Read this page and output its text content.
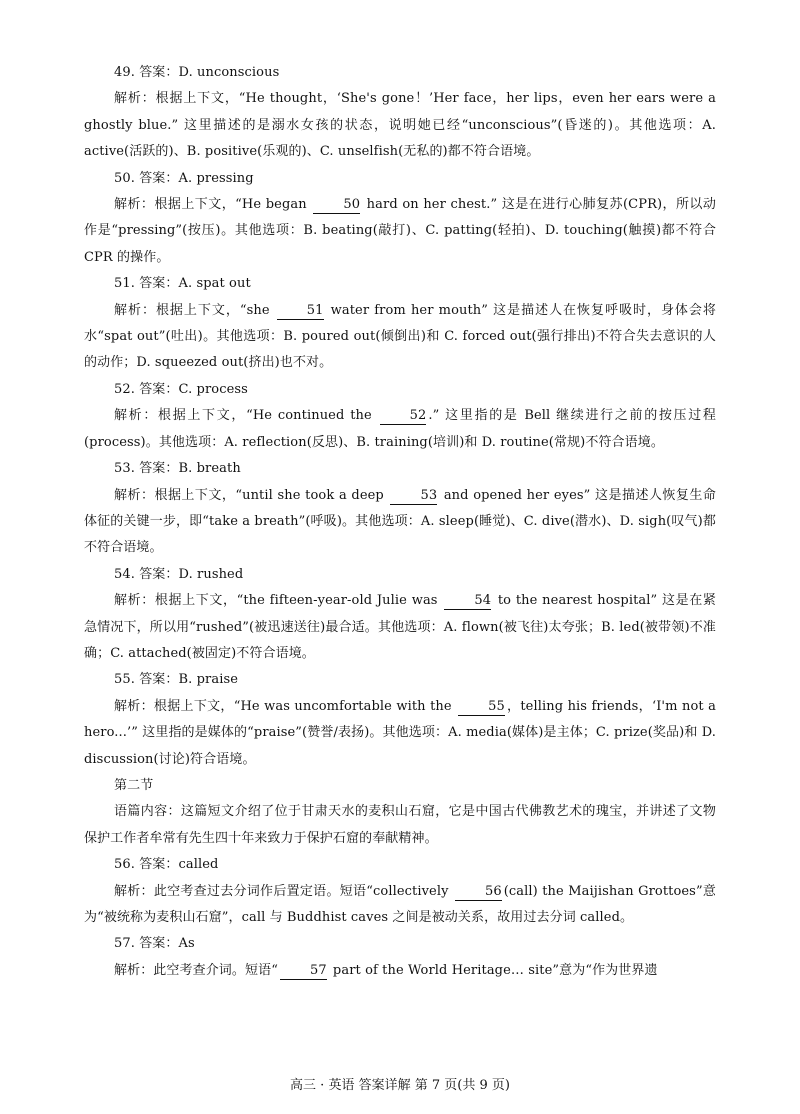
49. 答案：D. unconscious

解析：根据上下文，“He thought，‘She's gone！’Her face，her lips，even her ears were a ghostly blue.” 这里描述的是溺水女孩的状态，说明她已经“unconscious”(昏迷的)。其他选项：A. active(活跃的)、B. positive(乐观的)、C. unselfish(无私的)都不符合语境。

50. 答案：A. pressing

解析：根据上下文，“He began 50 hard on her chest.” 这是在进行心肺复苏(CPR)，所以动作是“pressing”(按压)。其他选项：B. beating(敲打)、C. patting(轻拍)、D. touching(触摸)都不符合 CPR 的操作。

51. 答案：A. spat out

解析：根据上下文，“she 51 water from her mouth” 这是描述人在恢复呼吸时，身体会将水“spat out”(吐出)。其他选项：B. poured out(倾倒出)和 C. forced out(强行排出)不符合失去意识的人的动作；D. squeezed out(挤出)也不对。

52. 答案：C. process

解析：根据上下文，“He continued the 52 .” 这里指的是 Bell 继续进行之前的按压过程(process)。其他选项：A. reflection(反思)、B. training(培训)和 D. routine(常规)不符合语境。

53. 答案：B. breath

解析：根据上下文，“until she took a deep 53 and opened her eyes” 这是描述人恢复生命体征的关键一步，即“take a breath”(呼吸)。其他选项：A. sleep(睡觉)、C. dive(潜水)、D. sigh(叹气)都不符合语境。

54. 答案：D. rushed

解析：根据上下文，“the fifteen-year-old Julie was 54 to the nearest hospital” 这是在紧急情况下，所以用“rushed”(被迅速送往)最合适。其他选项：A. flown(被飞往)太夸张；B. led(被带领)不准确；C. attached(被固定)不符合语境。

55. 答案：B. praise

解析：根据上下文，“He was uncomfortable with the 55 ，telling his friends，‘I'm not a hero...’” 这里指的是媒体的“praise”(赞誉/表扬)。其他选项：A. media(媒体)是主体；C. prize(奖品)和 D. discussion(讨论)符合语境。

第二节

语篇内容：这篇短文介绍了位于甘肃天水的麦积山石窟，它是中国古代佛教艺术的瑰宝，并讲述了文物保护工作者牟常有先生四十年来致力于保护石窟的奉献精神。

56. 答案：called

解析：此空考查过去分词作后置定语。短语“collectively 56 (call) the Maijishan Grottoes”意为“被统称为麦积山石窟”，call 与 Buddhist caves 之间是被动关系，故用过去分词 called。

57. 答案：As

解析：此空考查介词。短语“ 57 part of the World Heritage… site”意为“作为世界遗

高三 · 英语 答案详解 第 7 页(共 9 页)
